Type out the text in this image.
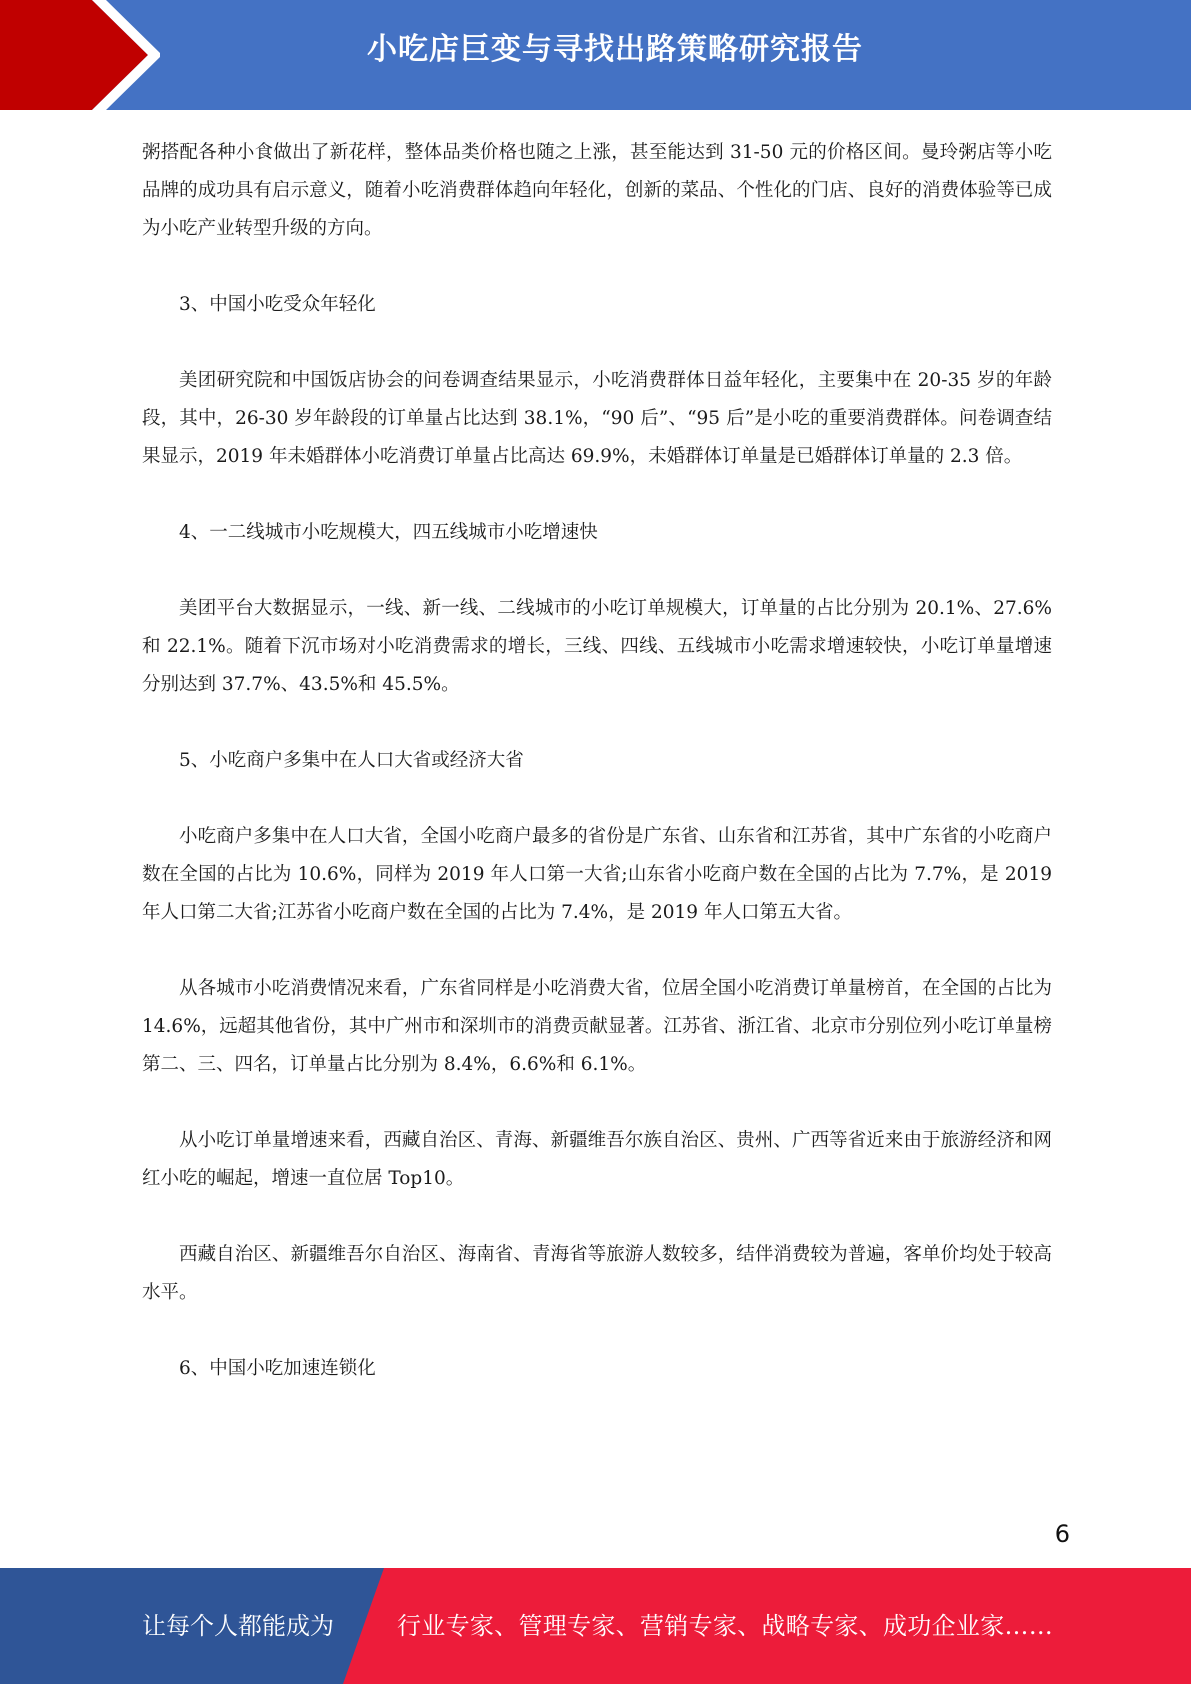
小吃店巨变与寻找出路策略研究报告

粥搭配各种小食做出了新花样，整体品类价格也随之上涨，甚至能达到 31-50 元的价格区间。曼玲粥店等小吃品牌的成功具有启示意义，随着小吃消费群体趋向年轻化，创新的菜品、个性化的门店、良好的消费体验等已成为小吃产业转型升级的方向。

3、中国小吃受众年轻化

美团研究院和中国饭店协会的问卷调查结果显示，小吃消费群体日益年轻化，主要集中在 20-35 岁的年龄段，其中，26-30 岁年龄段的订单量占比达到 38.1%，“90 后”、“95 后”是小吃的重要消费群体。问卷调查结果显示，2019 年未婚群体小吃消费订单量占比高达 69.9%，未婚群体订单量是已婚群体订单量的 2.3 倍。

4、一二线城市小吃规模大，四五线城市小吃增速快

美团平台大数据显示，一线、新一线、二线城市的小吃订单规模大，订单量的占比分别为 20.1%、27.6%和 22.1%。随着下沉市场对小吃消费需求的增长，三线、四线、五线城市小吃需求增速较快，小吃订单量增速分别达到 37.7%、43.5%和 45.5%。

5、小吃商户多集中在人口大省或经济大省

小吃商户多集中在人口大省，全国小吃商户最多的省份是广东省、山东省和江苏省，其中广东省的小吃商户数在全国的占比为 10.6%，同样为 2019 年人口第一大省;山东省小吃商户数在全国的占比为 7.7%，是 2019 年人口第二大省;江苏省小吃商户数在全国的占比为 7.4%，是 2019 年人口第五大省。

从各城市小吃消费情况来看，广东省同样是小吃消费大省，位居全国小吃消费订单量榜首，在全国的占比为 14.6%，远超其他省份，其中广州市和深圳市的消费贡献显著。江苏省、浙江省、北京市分别位列小吃订单量榜第二、三、四名，订单量占比分别为 8.4%，6.6%和 6.1%。

从小吃订单量增速来看，西藏自治区、青海、新疆维吾尔族自治区、贵州、广西等省近来由于旅游经济和网红小吃的崛起，增速一直位居 Top10。

西藏自治区、新疆维吾尔自治区、海南省、青海省等旅游人数较多，结伴消费较为普遍，客单价均处于较高水平。

6、中国小吃加速连锁化

6
让每个人都能成为	行业专家、管理专家、营销专家、战略专家、成功企业家……
